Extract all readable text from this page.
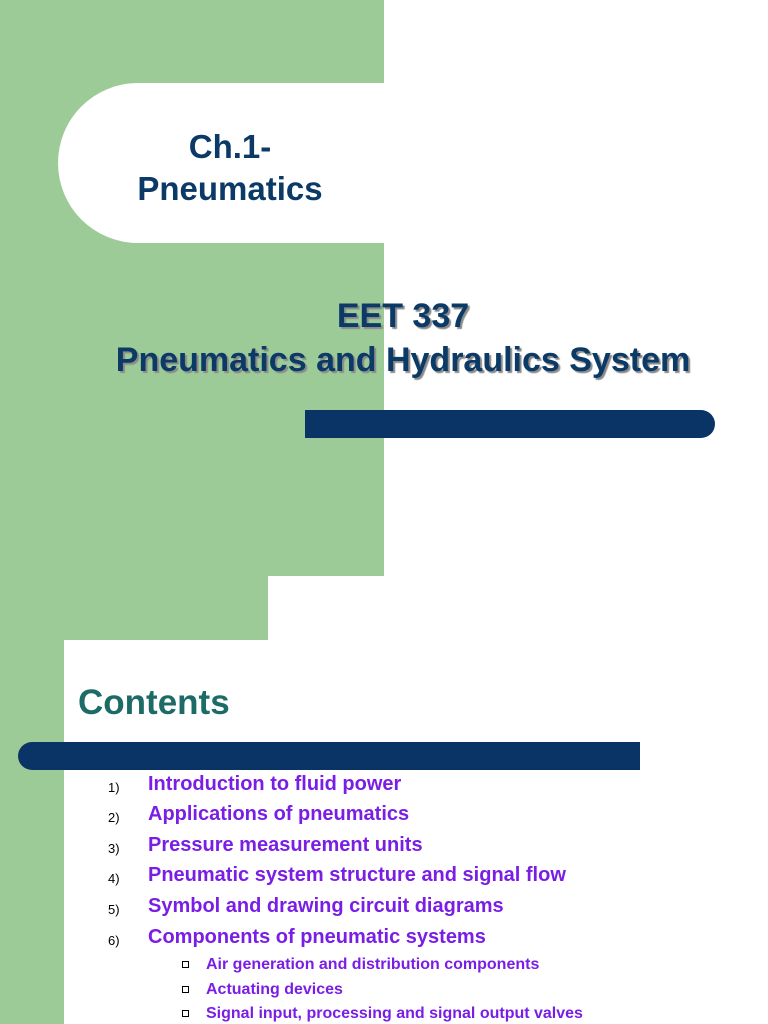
Ch.1-
Pneumatics
EET 337
Pneumatics and Hydraulics System
Contents
1) Introduction to fluid power
2) Applications of pneumatics
3) Pressure measurement units
4) Pneumatic system structure and signal flow
5) Symbol and drawing circuit diagrams
6) Components of pneumatic systems
Air generation and distribution components
Actuating devices
Signal input, processing and signal output valves
